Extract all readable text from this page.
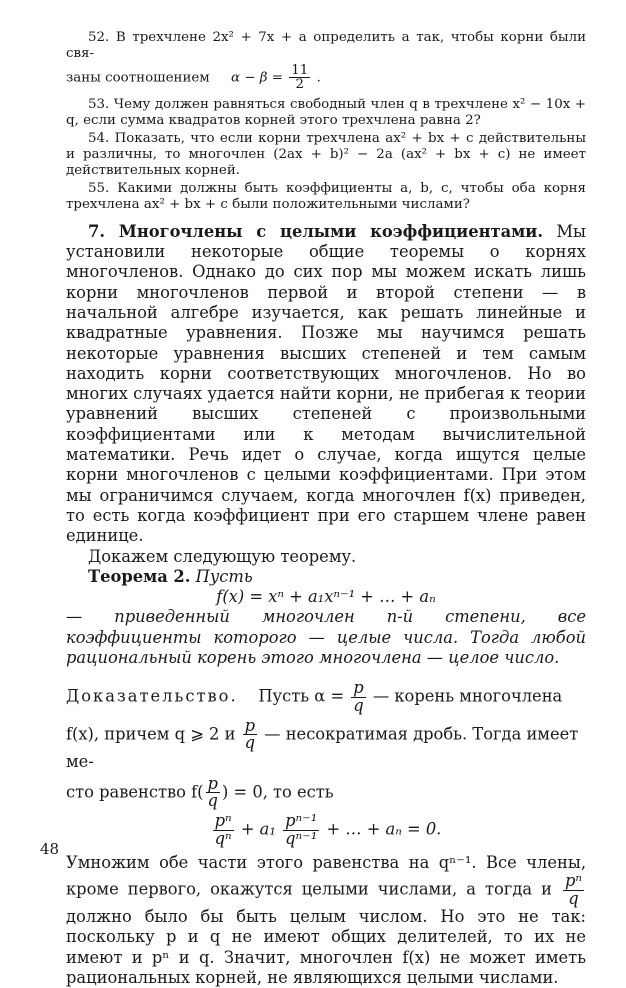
52. В трехчлене 2x² + 7x + a определить a так, чтобы корни были свя-

заны соотношением $\alpha - \beta = \frac{11}{2}$ .

53. Чему должен равняться свободный член q в трехчлене x² − 10x + q, если сумма квадратов корней этого трехчлена равна 2?

54. Показать, что если корни трехчлена ax² + bx + c действительны и различны, то многочлен (2ax + b)² − 2a (ax² + bx + c) не имеет действительных корней.

55. Какими должны быть коэффициенты a, b, c, чтобы оба корня трехчлена ax² + bx + c были положительными числами?

7. Многочлены с целыми коэффициентами. Мы установили некоторые общие теоремы о корнях многочленов. Однако до сих пор мы можем искать лишь корни многочленов первой и второй степени — в начальной алгебре изучается, как решать линейные и квадратные уравнения. Позже мы научимся решать некоторые уравнения высших степеней и тем самым находить корни соответствующих многочленов. Но во многих случаях удается найти корни, не прибегая к теории уравнений высших степеней с произвольными коэффициентами или к методам вычислительной математики. Речь идет о случае, когда ищутся целые корни многочленов с целыми коэффициентами. При этом мы ограничимся случаем, когда многочлен f(x) приведен, то есть когда коэффициент при его старшем члене равен единице.

Докажем следующую теорему.

Теорема 2. Пусть

f(x) = xⁿ + a₁xⁿ⁻¹ + … + aₙ

— приведенный многочлен n-й степени, все коэффициенты которого — целые числа. Тогда любой рациональный корень этого многочлена — целое число.

Доказательство. Пусть $\alpha = \frac{p}{q}$ — корень многочлена

f(x), причем q ⩾ 2 и $\frac{p}{q}$ — несократимая дробь. Тогда имеет ме-

сто равенство $f( \frac{p}{q}$ ) = 0, то есть

$\frac{\text{pⁿ}}{\text{qⁿ}} + a_1 \frac{\text{pⁿ⁻¹}}{\text{qⁿ⁻¹}}$ + … + aₙ = 0.

Умножим обе части этого равенства на qⁿ⁻¹. Все члены, кроме первого, окажутся целыми числами, а тогда и $\frac{\text{pⁿ}}{q}$
должно было бы быть целым числом. Но это не так: поскольку p и q не имеют общих делителей, то их не имеют и pⁿ и q. Значит, многочлен f(x) не может иметь рациональных корней, не являющихся целыми числами.

48
